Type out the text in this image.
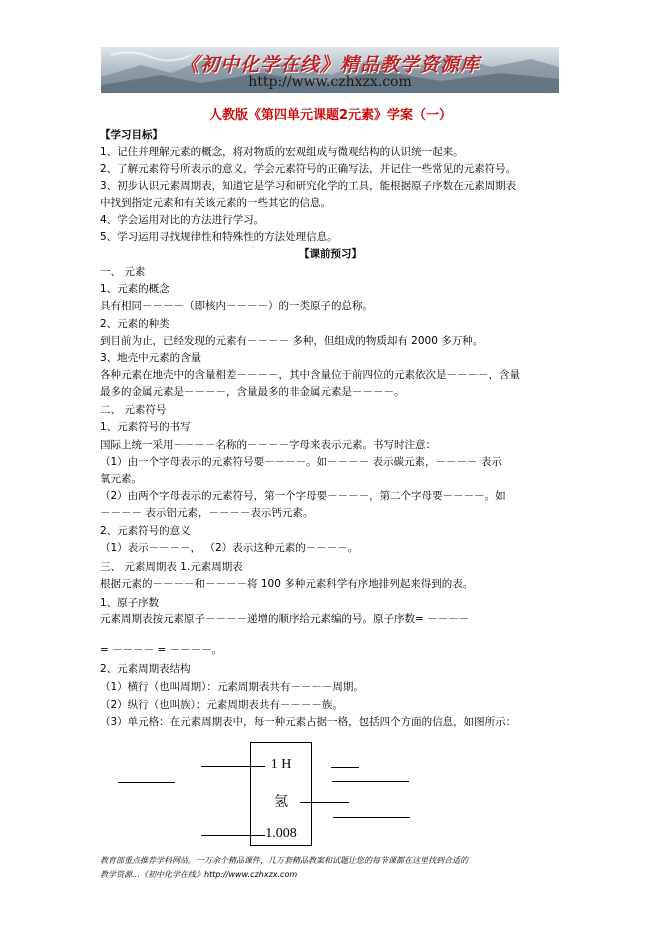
《初中化学在线》精品教学资源库
http://www.czhxzx.com
人教版《第四单元课题2元素》学案（一）
【学习目标】
1、记住并理解元素的概念，将对物质的宏观组成与微观结构的认识统一起来。
2、了解元素符号所表示的意义，学会元素符号的正确写法，并记住一些常见的元素符号。
3、初步认识元素周期表，知道它是学习和研究化学的工具，能根据原子序数在元素周期表
中找到指定元素和有关该元素的一些其它的信息。
4、学会运用对比的方法进行学习。
5、学习运用寻找规律性和特殊性的方法处理信息。
【课前预习】
一、 元素
1、元素的概念
具有相同－－－－（即核内－－－－）的一类原子的总称。
2、元素的种类
到目前为止，已经发现的元素有－－－－ 多种，但组成的物质却有 2000 多万种。
3、地壳中元素的含量
各种元素在地壳中的含量相差－－－－，其中含量位于前四位的元素依次是－－－－，含量
最多的金属元素是－－－－，含量最多的非金属元素是－－－－。
二、 元素符号
1、元素符号的书写
国际上统一采用－－－－名称的－－－－字母来表示元素。书写时注意：
（1）由一个字母表示的元素符号要－－－－。如－－－－ 表示碳元素，－－－－ 表示
氧元素。
（2）由两个字母表示的元素符号，第一个字母要－－－－，第二个字母要－－－－。如
－－－－ 表示铝元素，－－－－表示钙元素。
2、元素符号的意义
（1）表示－－－－， （2）表示这种元素的－－－－。
三、 元素周期表 1.元素周期表
根据元素的－－－－和－－－－将 100 多种元素科学有序地排列起来得到的表。
1、原子序数
元素周期表按元素原子－－－－递增的顺序给元素编的号。原子序数= －－－－
= －－－－ = －－－－。
2、元素周期表结构
（1）横行（也叫周期）：元素周期表共有－－－－周期。
（2）纵行（也叫族）：元素周期表共有－－－－族。
（3）单元格：在元素周期表中，每一种元素占据一格，包括四个方面的信息，如图所示：
1 H
氢
1.008
教育部重点推荐学科网站。一万余个精品课件，几万套精品教案和试题让您的每节课都在这里找到合适的
教学资源…《初中化学在线》http://www.czhxzx.com
